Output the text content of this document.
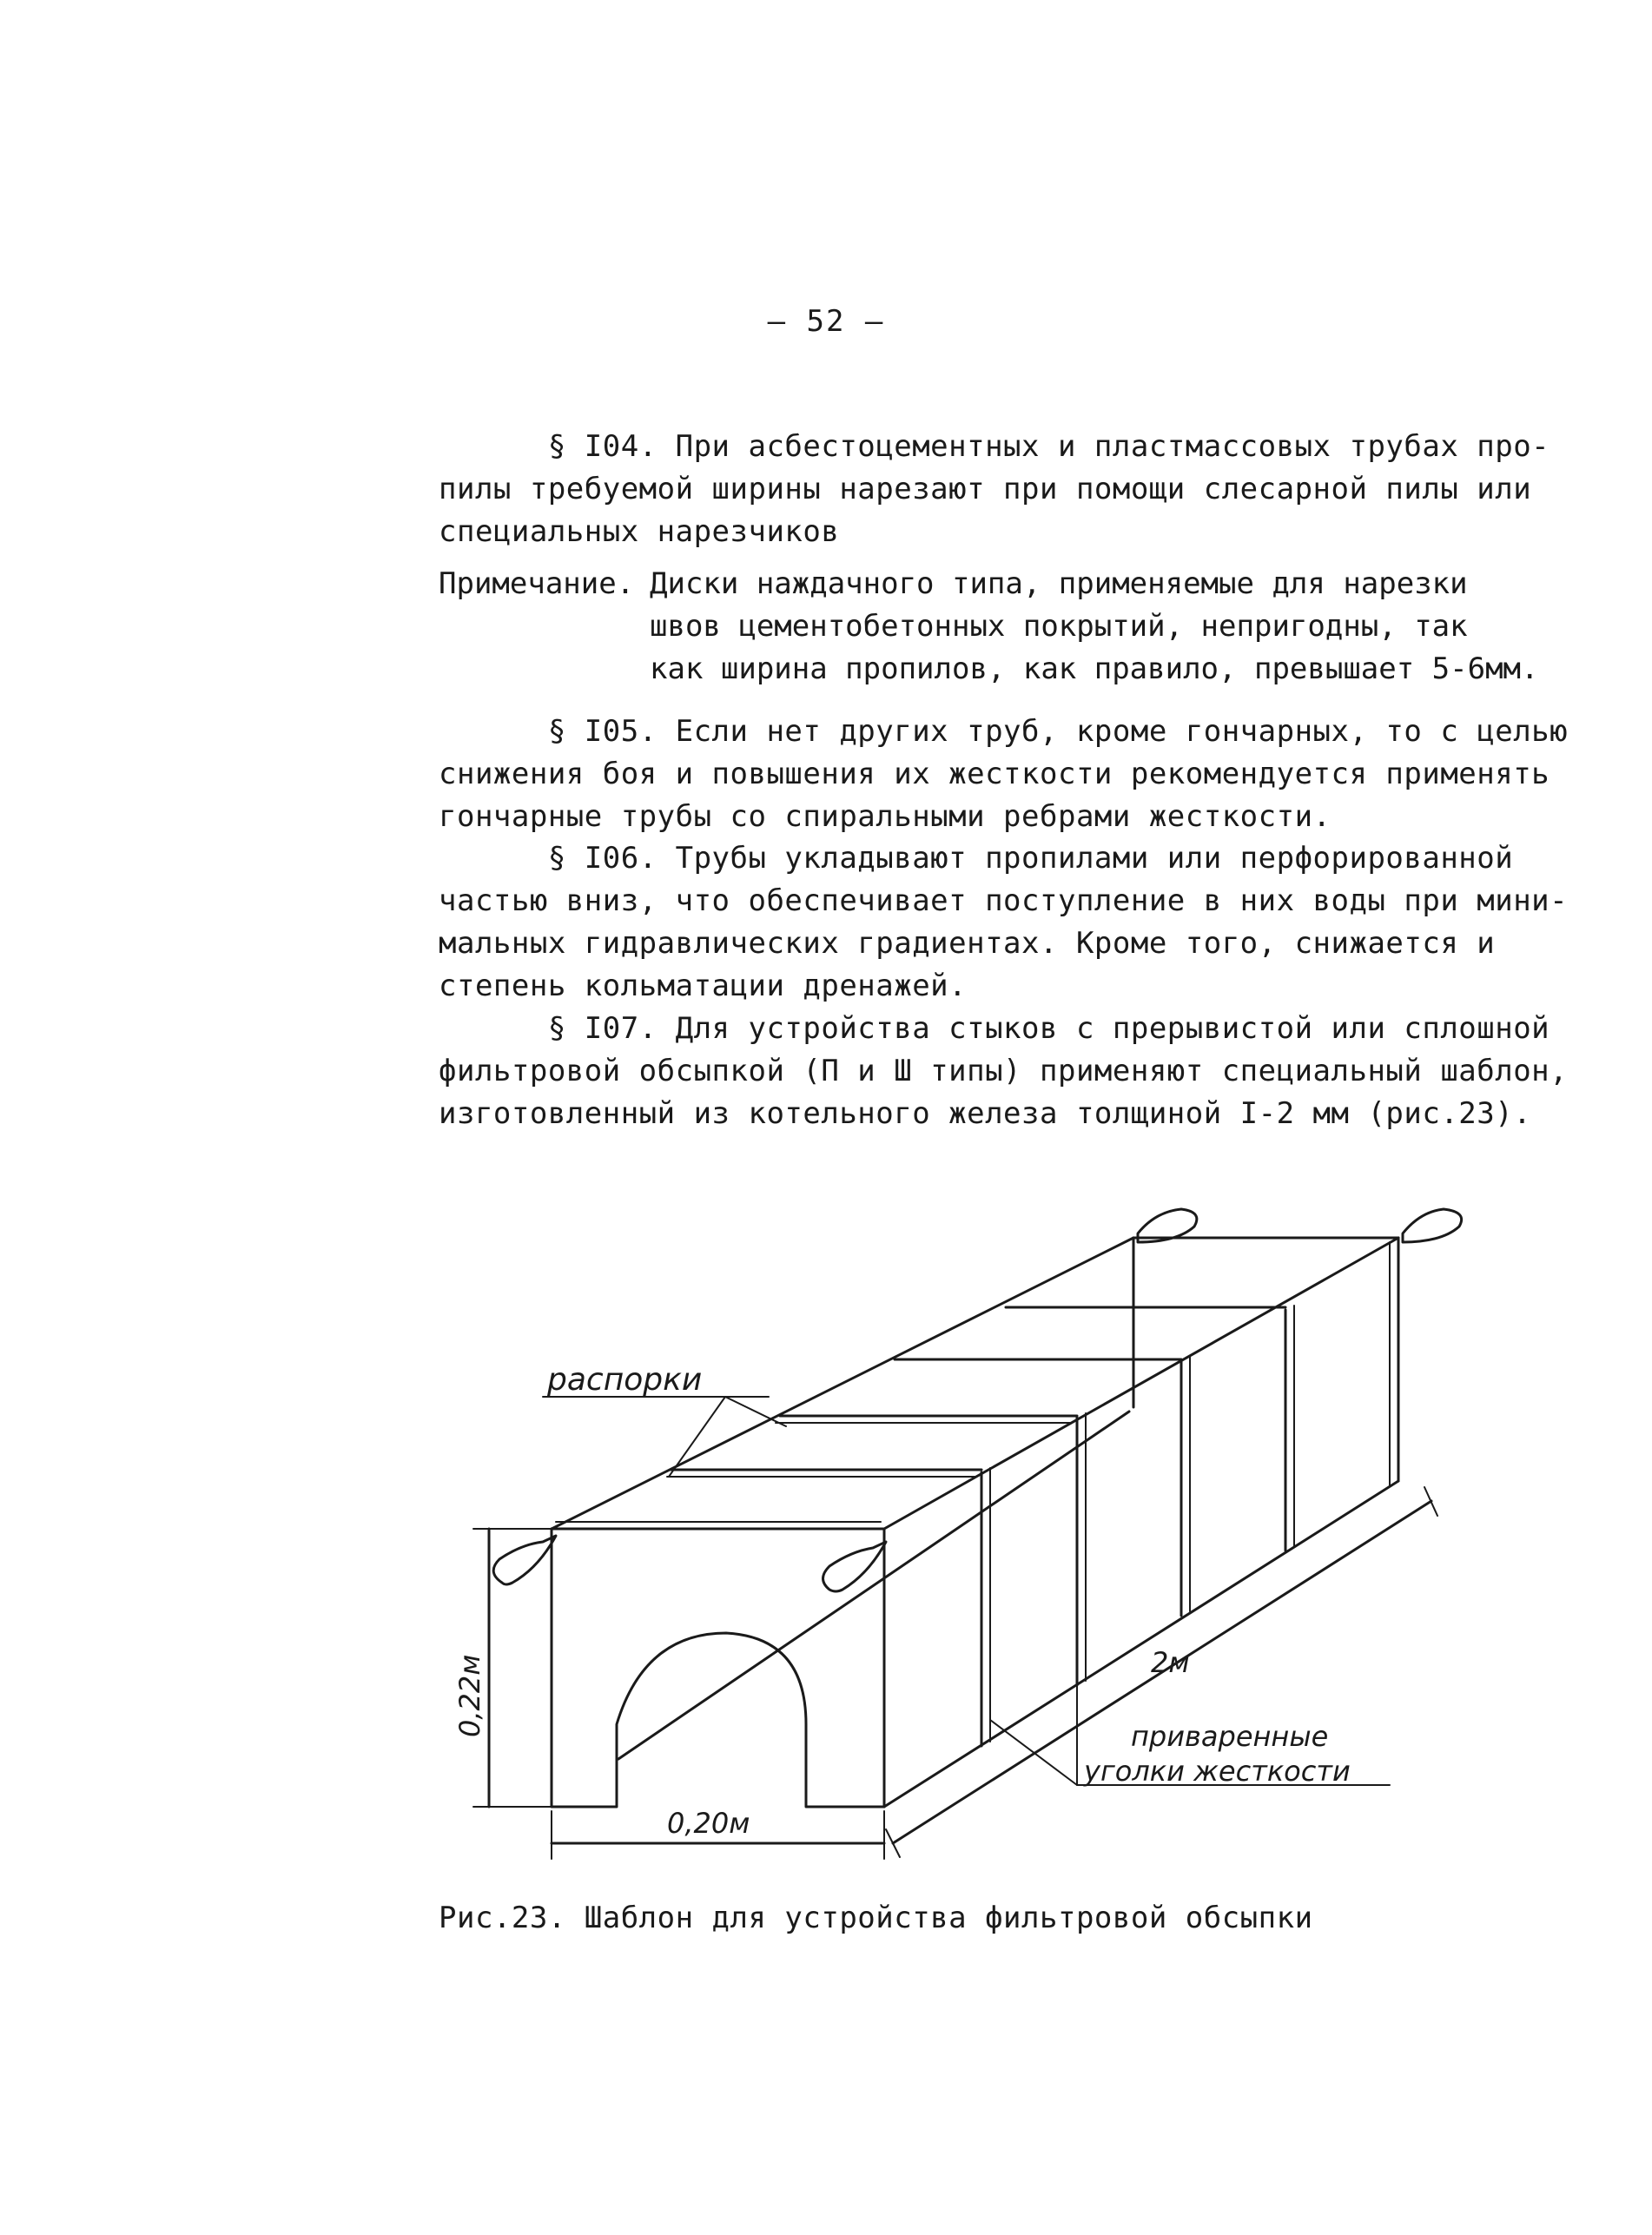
— 52 —
§ I04. При асбестоцементных и пластмассовых трубах про-
пилы требуемой ширины нарезают при помощи слесарной пилы или
специальных нарезчиков
Примечание. Диски наждачного типа, применяемые для нарезки
швов цементобетонных покрытий, непригодны, так
как ширина пропилов, как правило, превышает 5-6мм.
§ I05. Если нет других труб, кроме гончарных, то с целью
снижения боя и повышения их жесткости рекомендуется применять
гончарные трубы со спиральными ребрами жесткости.
§ I06. Трубы укладывают пропилами или перфорированной
частью вниз, что обеспечивает поступление в них воды при мини-
мальных гидравлических градиентах. Кроме того, снижается и
степень кольматации дренажей.
§ I07. Для устройства стыков с прерывистой или сплошной
фильтровой обсыпкой (П и Ш типы) применяют специальный шаблон,
изготовленный из котельного железа толщиной I-2 мм (рис.23).
распорки
0,22м
0,20м
2м
приваренные
уголки жесткости
Рис.23. Шаблон для устройства фильтровой обсыпки
